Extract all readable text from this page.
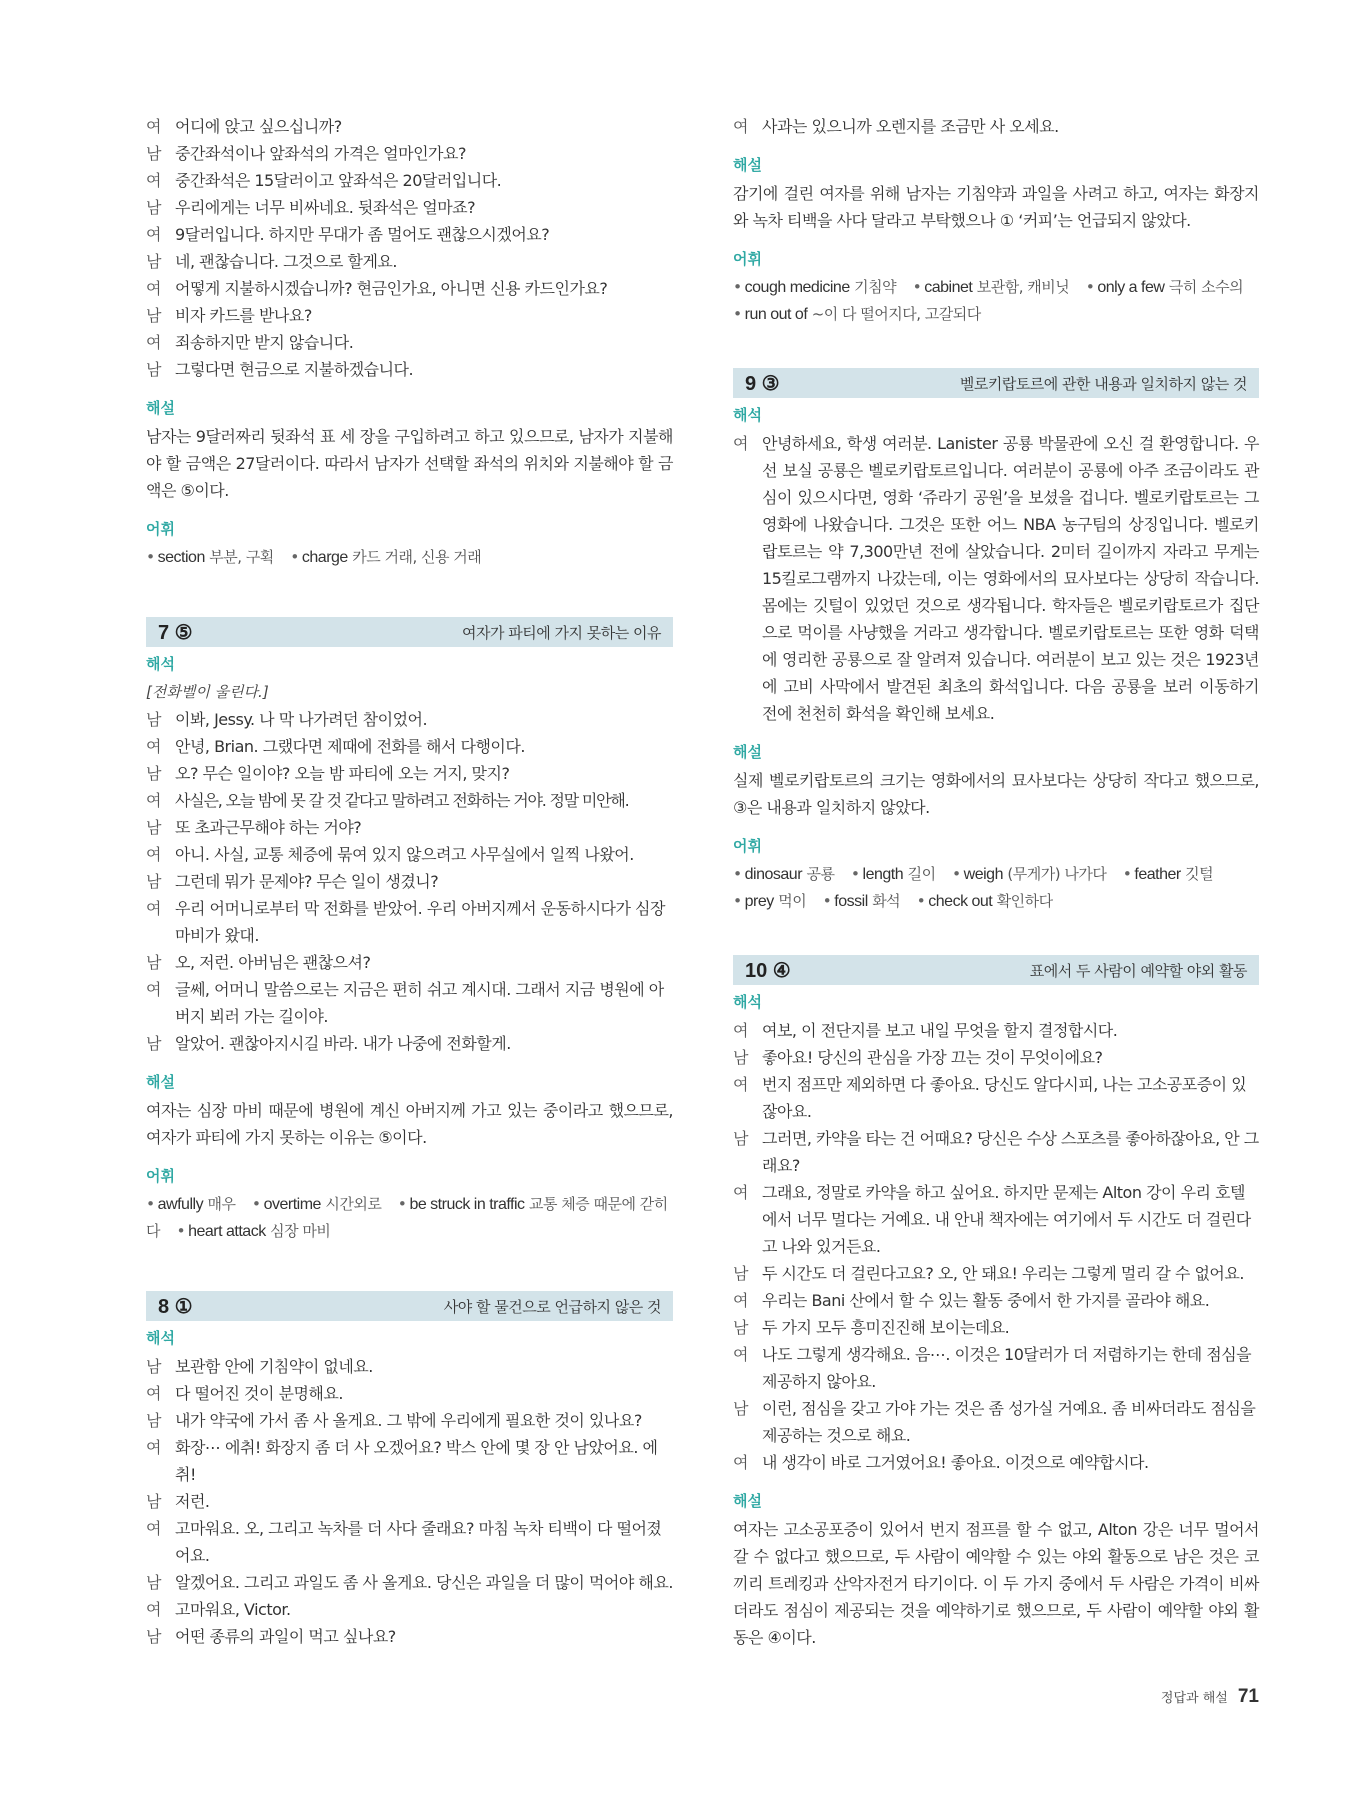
여 어디에 앉고 싶으십니까?
남 중간좌석이나 앞좌석의 가격은 얼마인가요?
여 중간좌석은 15달러이고 앞좌석은 20달러입니다.
남 우리에게는 너무 비싸네요. 뒷좌석은 얼마죠?
여 9달러입니다. 하지만 무대가 좀 멀어도 괜찮으시겠어요?
남 네, 괜찮습니다. 그것으로 할게요.
여 어떻게 지불하시겠습니까? 현금인가요, 아니면 신용 카드인가요?
남 비자 카드를 받나요?
여 죄송하지만 받지 않습니다.
남 그렇다면 현금으로 지불하겠습니다.
해설
남자는 9달러짜리 뒷좌석 표 세 장을 구입하려고 하고 있으므로, 남자가 지불해야 할 금액은 27달러이다. 따라서 남자가 선택할 좌석의 위치와 지불해야 할 금액은 ⑤이다.
어휘
• section 부분, 구획 • charge 카드 거래, 신용 거래
7 ⑤	여자가 파티에 가지 못하는 이유
해석
[전화벨이 울린다.]
남 이봐, Jessy. 나 막 나가려던 참이었어.
여 안녕, Brian. 그랬다면 제때에 전화를 해서 다행이다.
남 오? 무슨 일이야? 오늘 밤 파티에 오는 거지, 맞지?
여 사실은, 오늘 밤에 못 갈 것 같다고 말하려고 전화하는 거야. 정말 미안해.
남 또 초과근무해야 하는 거야?
여 아니. 사실, 교통 체증에 묶여 있지 않으려고 사무실에서 일찍 나왔어.
남 그런데 뭐가 문제야? 무슨 일이 생겼니?
여 우리 어머니로부터 막 전화를 받았어. 우리 아버지께서 운동하시다가 심장 마비가 왔대.
남 오, 저런. 아버님은 괜찮으셔?
여 글쎄, 어머니 말씀으로는 지금은 편히 쉬고 계시대. 그래서 지금 병원에 아버지 뵈러 가는 길이야.
남 알았어. 괜찮아지시길 바라. 내가 나중에 전화할게.
해설
여자는 심장 마비 때문에 병원에 계신 아버지께 가고 있는 중이라고 했으므로, 여자가 파티에 가지 못하는 이유는 ⑤이다.
어휘
• awfully 매우 • overtime 시간외로 • be struck in traffic 교통 체증 때문에 갇히다 • heart attack 심장 마비
8 ①	사야 할 물건으로 언급하지 않은 것
해석
남 보관함 안에 기침약이 없네요.
여 다 떨어진 것이 분명해요.
남 내가 약국에 가서 좀 사 올게요. 그 밖에 우리에게 필요한 것이 있나요?
여 화장⋯ 에취! 화장지 좀 더 사 오겠어요? 박스 안에 몇 장 안 남았어요. 에취!
남 저런.
여 고마워요. 오, 그리고 녹차를 더 사다 줄래요? 마침 녹차 티백이 다 떨어졌어요.
남 알겠어요. 그리고 과일도 좀 사 올게요. 당신은 과일을 더 많이 먹어야 해요.
여 고마워요, Victor.
남 어떤 종류의 과일이 먹고 싶나요?
여 사과는 있으니까 오렌지를 조금만 사 오세요.
해설
감기에 걸린 여자를 위해 남자는 기침약과 과일을 사려고 하고, 여자는 화장지와 녹차 티백을 사다 달라고 부탁했으나 ① ‘커피’는 언급되지 않았다.
어휘
• cough medicine 기침약 • cabinet 보관함, 캐비닛 • only a few 극히 소수의 • run out of ~이 다 떨어지다, 고갈되다
9 ③	벨로키랍토르에 관한 내용과 일치하지 않는 것
해석
여 안녕하세요, 학생 여러분. Lanister 공룡 박물관에 오신 걸 환영합니다. 우선 보실 공룡은 벨로키랍토르입니다. 여러분이 공룡에 아주 조금이라도 관심이 있으시다면, 영화 ‘쥬라기 공원’을 보셨을 겁니다. 벨로키랍토르는 그 영화에 나왔습니다. 그것은 또한 어느 NBA 농구팀의 상징입니다. 벨로키랍토르는 약 7,300만년 전에 살았습니다. 2미터 길이까지 자라고 무게는 15킬로그램까지 나갔는데, 이는 영화에서의 묘사보다는 상당히 작습니다. 몸에는 깃털이 있었던 것으로 생각됩니다. 학자들은 벨로키랍토르가 집단으로 먹이를 사냥했을 거라고 생각합니다. 벨로키랍토르는 또한 영화 덕택에 영리한 공룡으로 잘 알려져 있습니다. 여러분이 보고 있는 것은 1923년에 고비 사막에서 발견된 최초의 화석입니다. 다음 공룡을 보러 이동하기 전에 천천히 화석을 확인해 보세요.
해설
실제 벨로키랍토르의 크기는 영화에서의 묘사보다는 상당히 작다고 했으므로, ③은 내용과 일치하지 않았다.
어휘
• dinosaur 공룡 • length 길이 • weigh (무게가) 나가다 • feather 깃털 • prey 먹이 • fossil 화석 • check out 확인하다
10 ④	표에서 두 사람이 예약할 야외 활동
해석
여 여보, 이 전단지를 보고 내일 무엇을 할지 결정합시다.
남 좋아요! 당신의 관심을 가장 끄는 것이 무엇이에요?
여 번지 점프만 제외하면 다 좋아요. 당신도 알다시피, 나는 고소공포증이 있잖아요.
남 그러면, 카약을 타는 건 어때요? 당신은 수상 스포츠를 좋아하잖아요, 안 그래요?
여 그래요, 정말로 카약을 하고 싶어요. 하지만 문제는 Alton 강이 우리 호텔에서 너무 멀다는 거예요. 내 안내 책자에는 여기에서 두 시간도 더 걸린다고 나와 있거든요.
남 두 시간도 더 걸린다고요? 오, 안 돼요! 우리는 그렇게 멀리 갈 수 없어요.
여 우리는 Bani 산에서 할 수 있는 활동 중에서 한 가지를 골라야 해요.
남 두 가지 모두 흥미진진해 보이는데요.
여 나도 그렇게 생각해요. 음⋯. 이것은 10달러가 더 저렴하기는 한데 점심을 제공하지 않아요.
남 이런, 점심을 갖고 가야 가는 것은 좀 성가실 거예요. 좀 비싸더라도 점심을 제공하는 것으로 해요.
여 내 생각이 바로 그거였어요! 좋아요. 이것으로 예약합시다.
해설
여자는 고소공포증이 있어서 번지 점프를 할 수 없고, Alton 강은 너무 멀어서 갈 수 없다고 했으므로, 두 사람이 예약할 수 있는 야외 활동으로 남은 것은 코끼리 트레킹과 산악자전거 타기이다. 이 두 가지 중에서 두 사람은 가격이 비싸더라도 점심이 제공되는 것을 예약하기로 했으므로, 두 사람이 예약할 야외 활동은 ④이다.
정답과 해설 71
